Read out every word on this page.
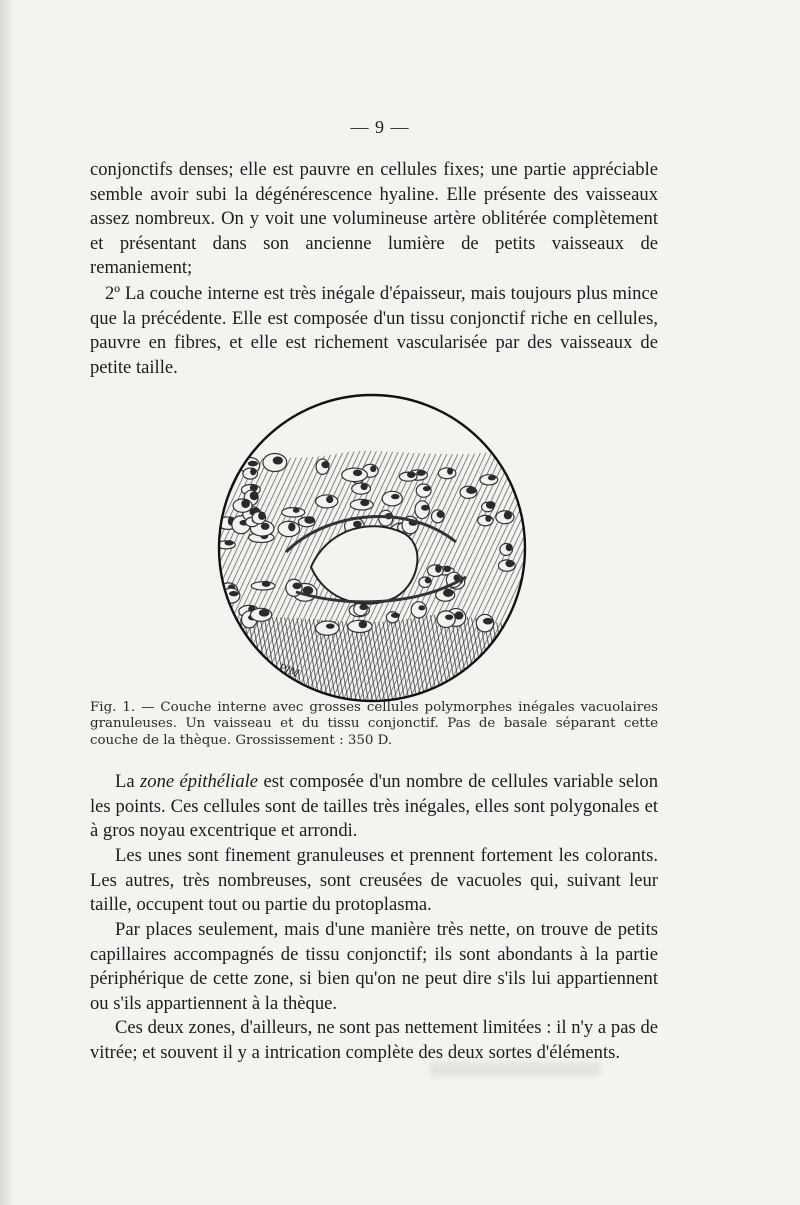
— 9 —

conjonctifs denses; elle est pauvre en cellules fixes; une partie appréciable semble avoir subi la dégénérescence hyaline. Elle présente des vaisseaux assez nombreux. On y voit une volumineuse artère oblitérée complètement et présentant dans son ancienne lumière de petits vaisseaux de remaniement;

2º La couche interne est très inégale d'épaisseur, mais toujours plus mince que la précédente. Elle est composée d'un tissu conjonctif riche en cellules, pauvre en fibres, et elle est richement vascularisée par des vaisseaux de petite taille.

PJM

Fig. 1. — Couche interne avec grosses cellules polymorphes inégales vacuolaires granuleuses. Un vaisseau et du tissu conjonctif. Pas de basale séparant cette couche de la thèque. Grossissement : 350 D.

La zone épithéliale est composée d'un nombre de cellules variable selon les points. Ces cellules sont de tailles très inégales, elles sont polygonales et à gros noyau excentrique et arrondi.

Les unes sont finement granuleuses et prennent fortement les colorants. Les autres, très nombreuses, sont creusées de vacuoles qui, suivant leur taille, occupent tout ou partie du protoplasma.

Par places seulement, mais d'une manière très nette, on trouve de petits capillaires accompagnés de tissu conjonctif; ils sont abondants à la partie périphérique de cette zone, si bien qu'on ne peut dire s'ils lui appartiennent ou s'ils appartiennent à la thèque.

Ces deux zones, d'ailleurs, ne sont pas nettement limitées : il n'y a pas de vitrée; et souvent il y a intrication complète des deux sortes d'éléments.
